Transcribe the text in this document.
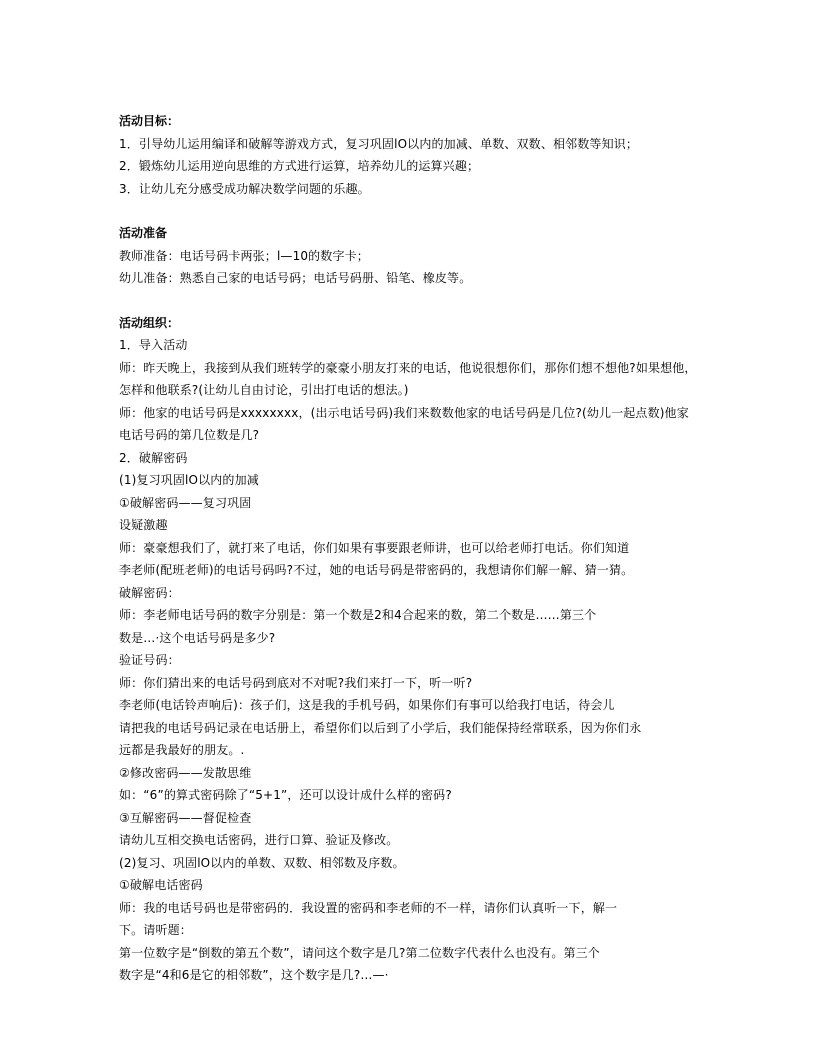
活动目标：
1．引导幼儿运用编译和破解等游戏方式，复习巩固lO以内的加减、单数、双数、相邻数等知识；
2．锻炼幼儿运用逆向思维的方式进行运算，培养幼儿的运算兴趣；
3．让幼儿充分感受成功解决数学问题的乐趣。
活动准备
教师准备：电话号码卡两张；l—10的数字卡；
幼儿准备：熟悉自己家的电话号码；电话号码册、铅笔、橡皮等。
活动组织：
1．导入活动
师：昨天晚上，我接到从我们班转学的豪豪小朋友打来的电话，他说很想你们，那你们想不想他?如果想他，
怎样和他联系?(让幼儿自由讨论，引出打电话的想法。)
师：他家的电话号码是xxxxxxxx，(出示电话号码)我们来数数他家的电话号码是几位?(幼儿一起点数)他家
电话号码的第几位数是几?
2．破解密码
(1)复习巩固lO以内的加减
①破解密码——复习巩固
设疑激趣
师：豪豪想我们了，就打来了电话，你们如果有事要跟老师讲，也可以给老师打电话。你们知道
李老师(配班老师)的电话号码吗?不过，她的电话号码是带密码的，我想请你们解一解、猜一猜。
破解密码：
师：李老师电话号码的数字分别是：第一个数是2和4合起来的数，第二个数是……第三个
数是…·这个电话号码是多少?
验证号码：
师：你们猜出来的电话号码到底对不对呢?我们来打一下，听一听?
李老师(电话铃声响后)：孩子们，这是我的手机号码，如果你们有事可以给我打电话，待会儿
请把我的电话号码记录在电话册上，希望你们以后到了小学后，我们能保持经常联系，因为你们永
远都是我最好的朋友。.
②修改密码——发散思维
如：“6”的算式密码除了“5+1”，还可以设计成什么样的密码?
③互解密码——督促检查
请幼儿互相交换电话密码，进行口算、验证及修改。
(2)复习、巩固lO以内的单数、双数、相邻数及序数。
①破解电话密码
师：我的电话号码也是带密码的．我设置的密码和李老师的不一样，请你们认真听一下，解一
下。请听题：
第一位数字是“倒数的第五个数”，请问这个数字是几?第二位数字代表什么也没有。第三个
数字是“4和6是它的相邻数”，这个数字是几?…—·
